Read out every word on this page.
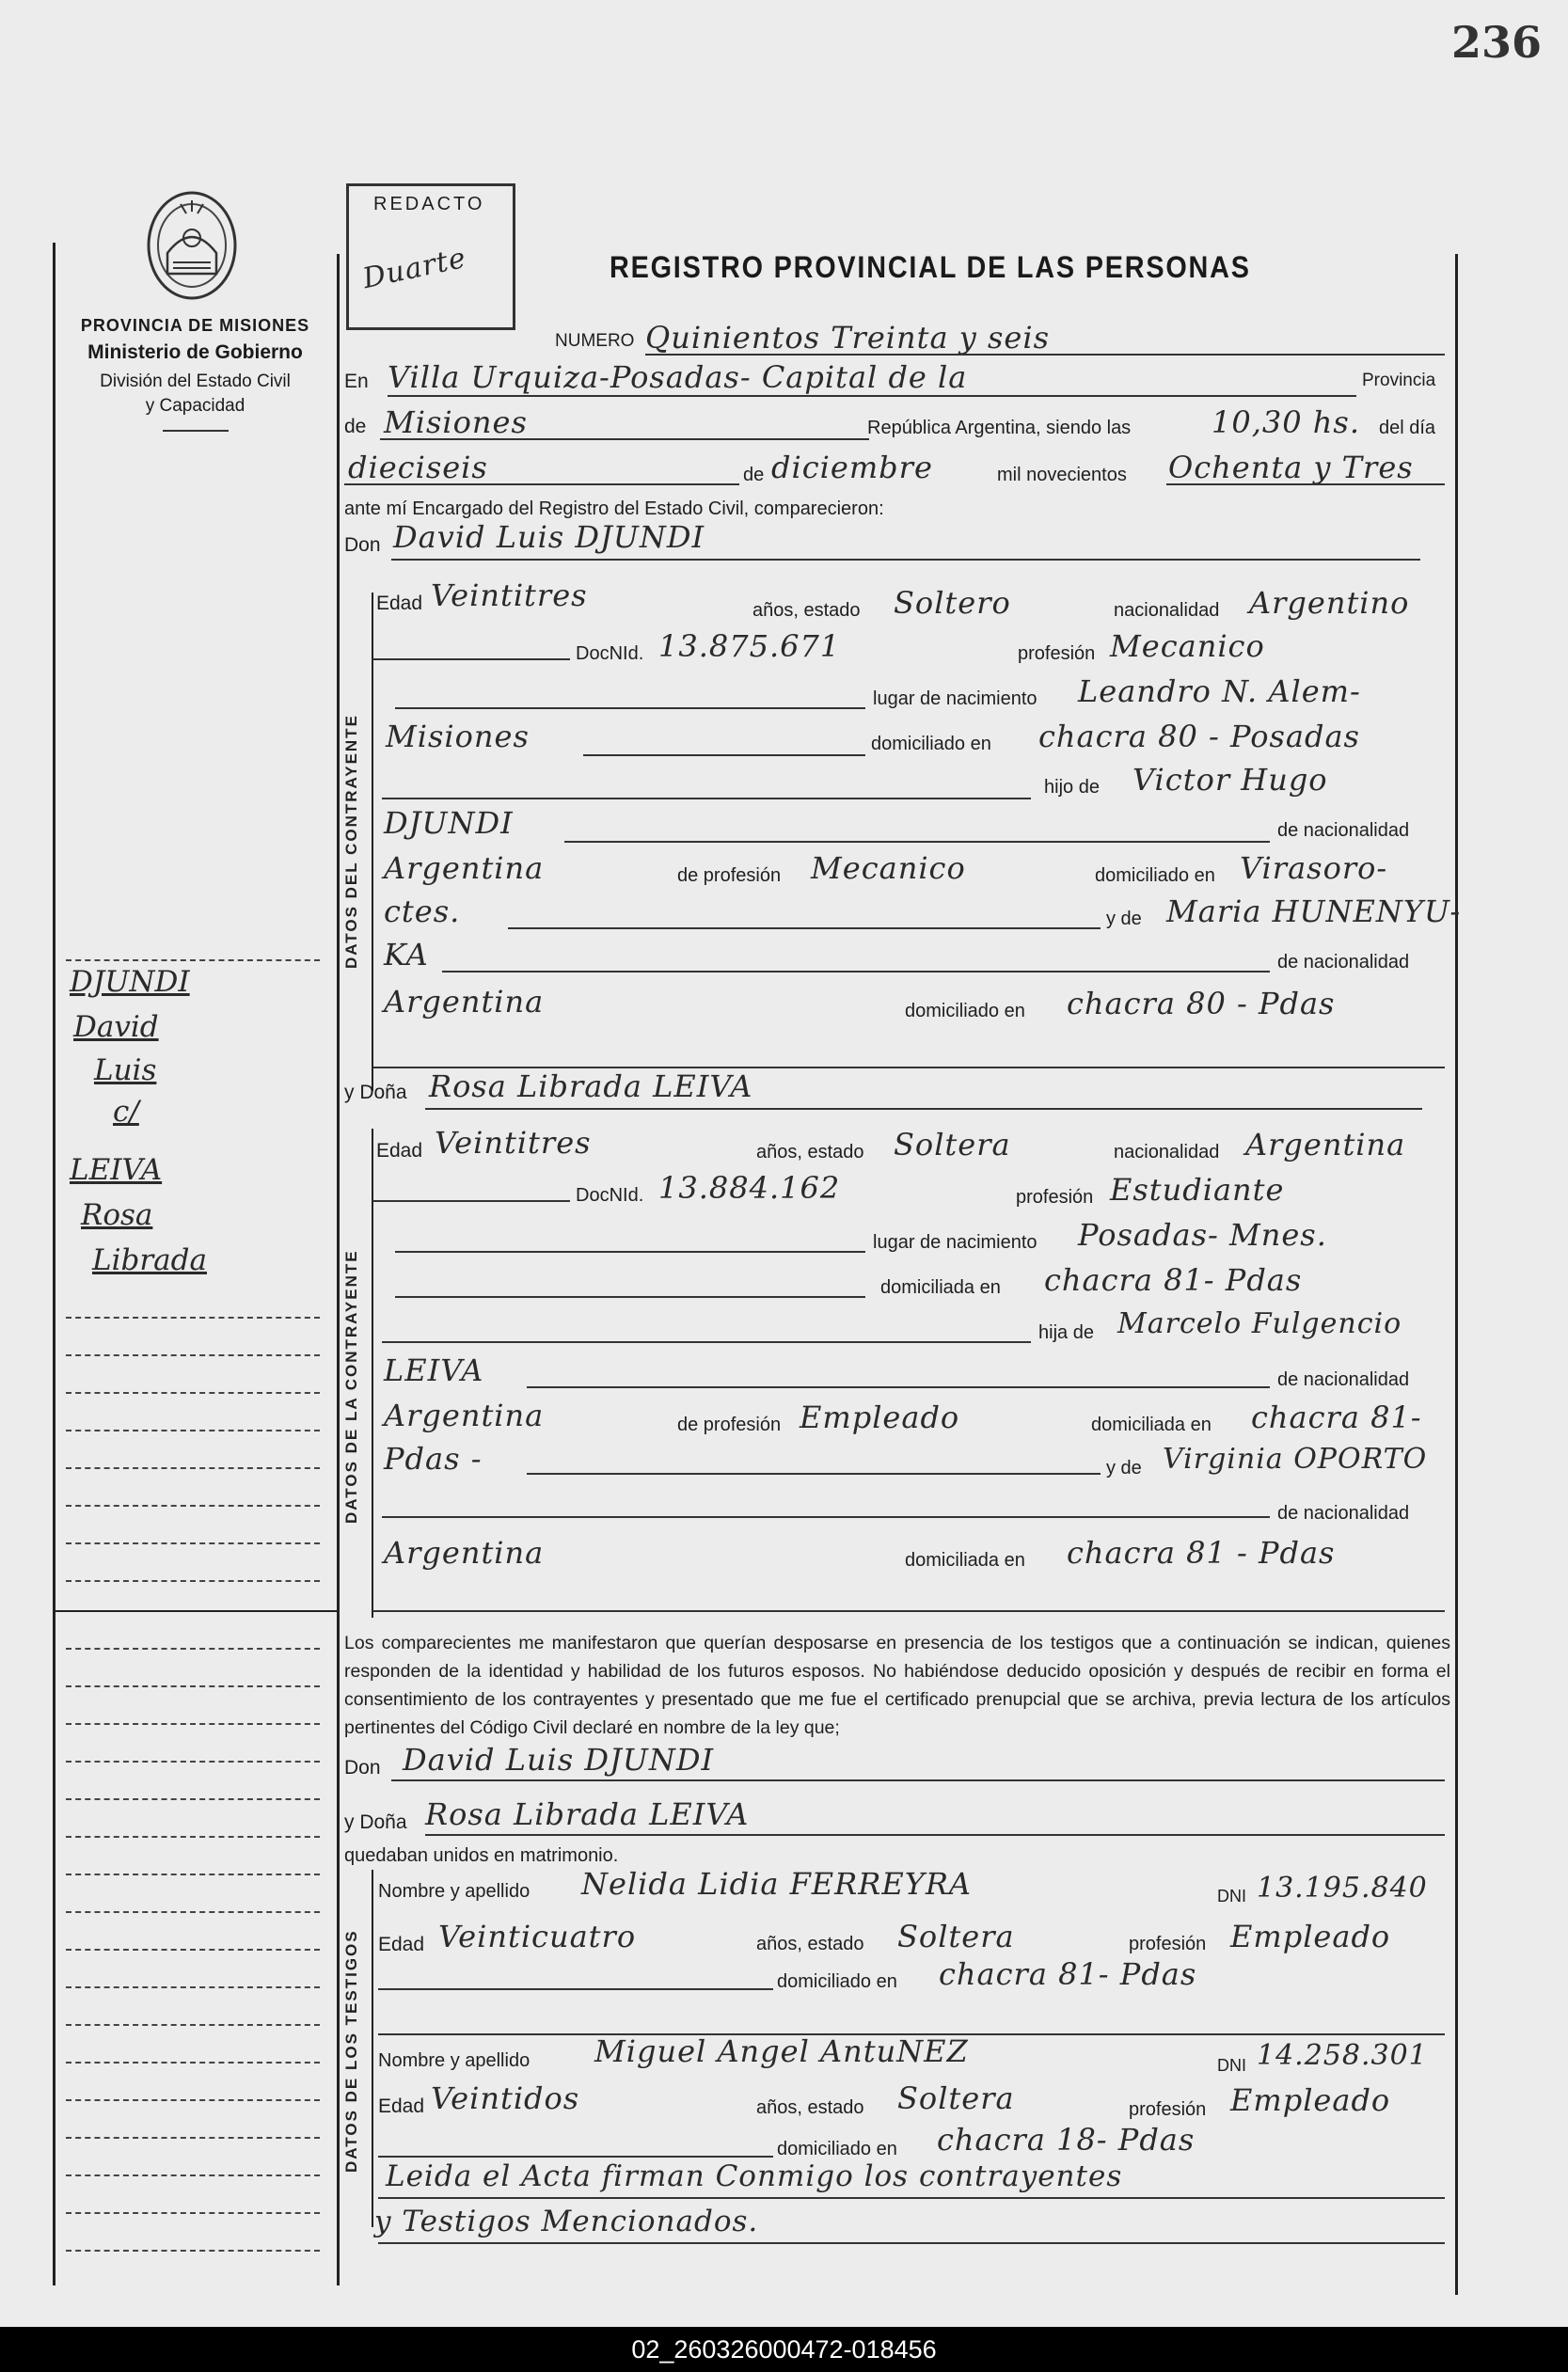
236
REDACTO
Duarte
PROVINCIA DE MISIONES
Ministerio de Gobierno
División del Estado Civil
y Capacidad
REGISTRO PROVINCIAL DE LAS PERSONAS
NUMERO Quinientos Treinta y seis
En Villa Urquiza-Posadas- Capital de la	Provincia
de Misiones	República Argentina, siendo las	10,30 hs. del día
dieciseis	de diciembre	mil novecientos Ochenta y Tres
ante mí Encargado del Registro del Estado Civil, comparecieron:
Don David Luis DJUNDI
DATOS DEL CONTRAYENTE
Edad Veintitres	años, estado Soltero	nacionalidad Argentino
DocNId. 13.875.671	profesión Mecanico
lugar de nacimiento Leandro N. Alem-
Misiones	domiciliado en chacra 80 - Posadas
hijo de Victor Hugo
DJUNDI	de nacionalidad
Argentina	de profesión Mecanico	domiciliado en Virasoro-
ctes.	y de Maria HUNENYU-
KA	de nacionalidad
Argentina	domiciliado en chacra 80 - Pdas
y Doña Rosa Librada LEIVA
DATOS DE LA CONTRAYENTE
Edad Veintitres	años, estado Soltera	nacionalidad Argentina
DocNId. 13.884.162	profesión Estudiante
lugar de nacimiento Posadas- Mnes.
domiciliada en chacra 81- Pdas
hija de Marcelo Fulgencio
LEIVA	de nacionalidad
Argentina	de profesión Empleado	domiciliada en chacra 81-
Pdas -	y de Virginia OPORTO
de nacionalidad
Argentina	domiciliada en chacra 81 - Pdas
DJUNDI
David
Luis
c/
LEIVA
Rosa
Librada
Los comparecientes me manifestaron que querían desposarse en presencia de los testigos que a continuación se indican, quienes responden de la identidad y habilidad de los futuros esposos. No habiéndose deducido oposición y después de recibir en forma el consentimiento de los contrayentes y presentado que me fue el certificado prenupcial que se archiva, previa lectura de los artículos pertinentes del Código Civil declaré en nombre de la ley que;
Don David Luis DJUNDI
y Doña Rosa Librada LEIVA
quedaban unidos en matrimonio.
DATOS DE LOS TESTIGOS
Nombre y apellido Nelida Lidia FERREYRA	DNI 13.195.840
Edad Veinticuatro	años, estado Soltera	profesión Empleado
domiciliado en chacra 81- Pdas
Nombre y apellido Miguel Angel AntuNEZ	DNI 14.258.301
Edad Veintidos	años, estado Soltera	profesión Empleado
domiciliado en chacra 18- Pdas
Leida el Acta firman Conmigo los contrayentes
y Testigos Mencionados.
02_260326000472-018456
